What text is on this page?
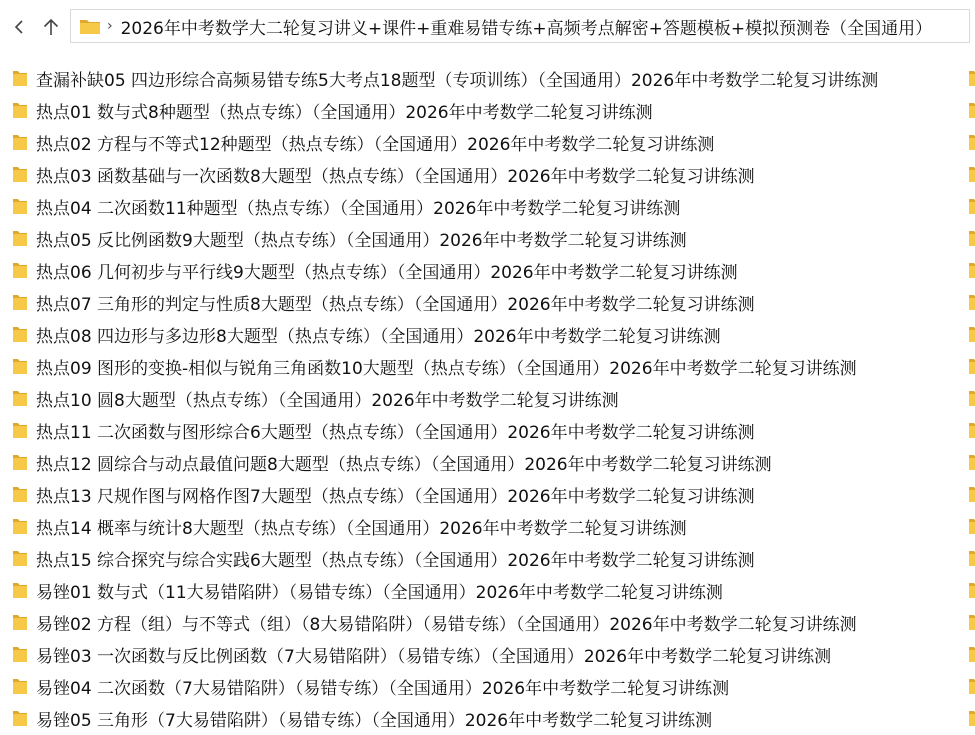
› 2026年中考数学大二轮复习讲义+课件+重难易错专练+高频考点解密+答题模板+模拟预测卷（全国通用）
查漏补缺05 四边形综合高频易错专练5大考点18题型（专项训练）（全国通用）2026年中考数学二轮复习讲练测
热点01 数与式8种题型（热点专练）（全国通用）2026年中考数学二轮复习讲练测
热点02 方程与不等式12种题型（热点专练）（全国通用）2026年中考数学二轮复习讲练测
热点03 函数基础与一次函数8大题型（热点专练）（全国通用）2026年中考数学二轮复习讲练测
热点04 二次函数11种题型（热点专练）（全国通用）2026年中考数学二轮复习讲练测
热点05 反比例函数9大题型（热点专练）（全国通用）2026年中考数学二轮复习讲练测
热点06 几何初步与平行线9大题型（热点专练）（全国通用）2026年中考数学二轮复习讲练测
热点07 三角形的判定与性质8大题型（热点专练）（全国通用）2026年中考数学二轮复习讲练测
热点08 四边形与多边形8大题型（热点专练）（全国通用）2026年中考数学二轮复习讲练测
热点09 图形的变换-相似与锐角三角函数10大题型（热点专练）（全国通用）2026年中考数学二轮复习讲练测
热点10 圆8大题型（热点专练）（全国通用）2026年中考数学二轮复习讲练测
热点11 二次函数与图形综合6大题型（热点专练）（全国通用）2026年中考数学二轮复习讲练测
热点12 圆综合与动点最值问题8大题型（热点专练）（全国通用）2026年中考数学二轮复习讲练测
热点13 尺规作图与网格作图7大题型（热点专练）（全国通用）2026年中考数学二轮复习讲练测
热点14 概率与统计8大题型（热点专练）（全国通用）2026年中考数学二轮复习讲练测
热点15 综合探究与综合实践6大题型（热点专练）（全国通用）2026年中考数学二轮复习讲练测
易锉01 数与式（11大易错陷阱）（易错专练）（全国通用）2026年中考数学二轮复习讲练测
易锉02 方程（组）与不等式（组）（8大易错陷阱）（易错专练）（全国通用）2026年中考数学二轮复习讲练测
易锉03 一次函数与反比例函数（7大易错陷阱）（易错专练）（全国通用）2026年中考数学二轮复习讲练测
易锉04 二次函数（7大易错陷阱）（易错专练）（全国通用）2026年中考数学二轮复习讲练测
易锉05 三角形（7大易错陷阱）（易错专练）（全国通用）2026年中考数学二轮复习讲练测
